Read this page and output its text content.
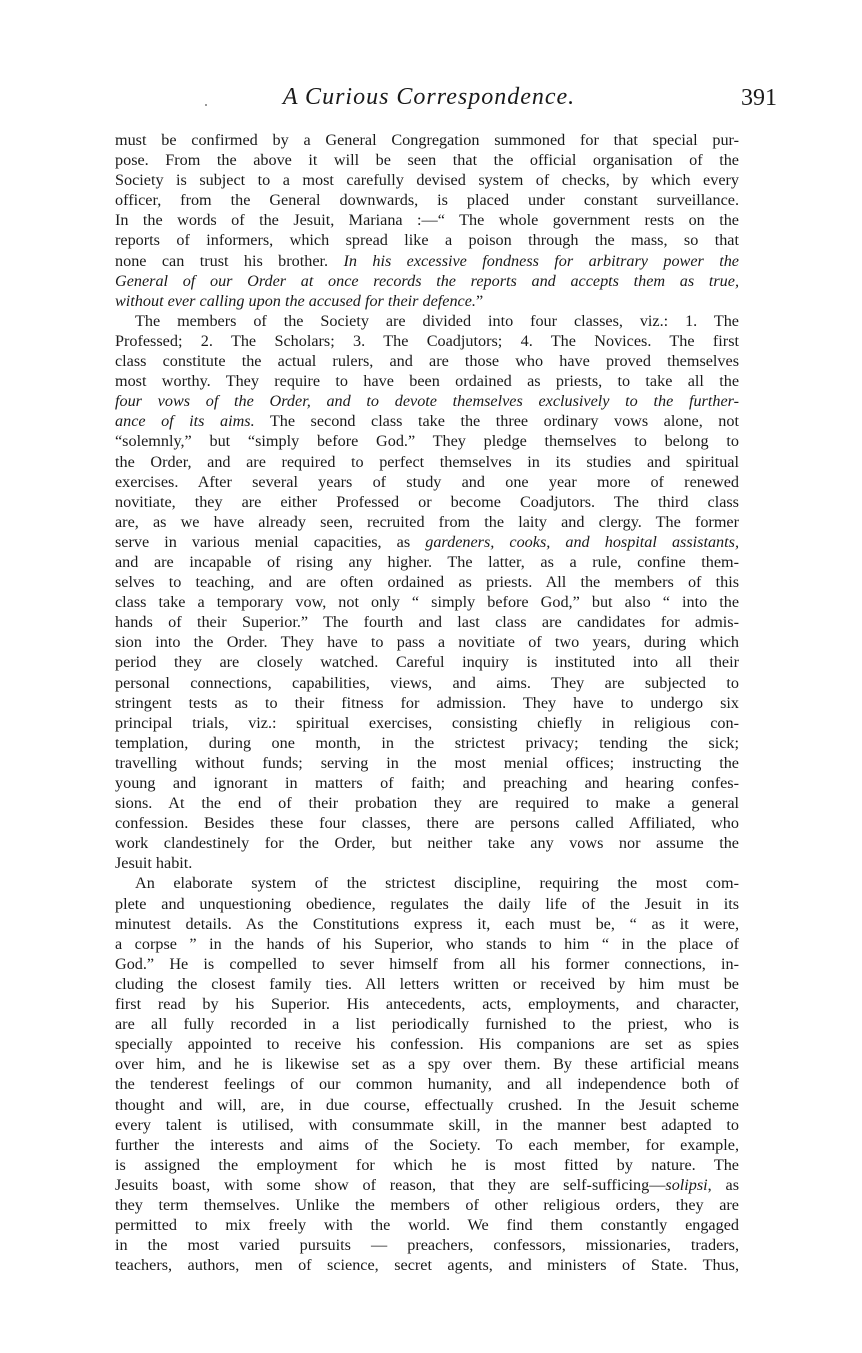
A Curious Correspondence.	391
must be confirmed by a General Congregation summoned for that special pur-
pose. From the above it will be seen that the official organisation of the
Society is subject to a most carefully devised system of checks, by which every
officer, from the General downwards, is placed under constant surveillance.
In the words of the Jesuit, Mariana :—“ The whole government rests on the
reports of informers, which spread like a poison through the mass, so that
none can trust his brother. In his excessive fondness for arbitrary power the
General of our Order at once records the reports and accepts them as true,
without ever calling upon the accused for their defence.”
The members of the Society are divided into four classes, viz.: 1. The
Professed; 2. The Scholars; 3. The Coadjutors; 4. The Novices. The first
class constitute the actual rulers, and are those who have proved themselves
most worthy. They require to have been ordained as priests, to take all the
four vows of the Order, and to devote themselves exclusively to the further-
ance of its aims. The second class take the three ordinary vows alone, not
“solemnly,” but “simply before God.” They pledge themselves to belong to
the Order, and are required to perfect themselves in its studies and spiritual
exercises. After several years of study and one year more of renewed
novitiate, they are either Professed or become Coadjutors. The third class
are, as we have already seen, recruited from the laity and clergy. The former
serve in various menial capacities, as gardeners, cooks, and hospital assistants,
and are incapable of rising any higher. The latter, as a rule, confine them-
selves to teaching, and are often ordained as priests. All the members of this
class take a temporary vow, not only “ simply before God,” but also “ into the
hands of their Superior.” The fourth and last class are candidates for admis-
sion into the Order. They have to pass a novitiate of two years, during which
period they are closely watched. Careful inquiry is instituted into all their
personal connections, capabilities, views, and aims. They are subjected to
stringent tests as to their fitness for admission. They have to undergo six
principal trials, viz.: spiritual exercises, consisting chiefly in religious con-
templation, during one month, in the strictest privacy; tending the sick;
travelling without funds; serving in the most menial offices; instructing the
young and ignorant in matters of faith; and preaching and hearing confes-
sions. At the end of their probation they are required to make a general
confession. Besides these four classes, there are persons called Affiliated, who
work clandestinely for the Order, but neither take any vows nor assume the
Jesuit habit.
An elaborate system of the strictest discipline, requiring the most com-
plete and unquestioning obedience, regulates the daily life of the Jesuit in its
minutest details. As the Constitutions express it, each must be, “ as it were,
a corpse ” in the hands of his Superior, who stands to him “ in the place of
God.” He is compelled to sever himself from all his former connections, in-
cluding the closest family ties. All letters written or received by him must be
first read by his Superior. His antecedents, acts, employments, and character,
are all fully recorded in a list periodically furnished to the priest, who is
specially appointed to receive his confession. His companions are set as spies
over him, and he is likewise set as a spy over them. By these artificial means
the tenderest feelings of our common humanity, and all independence both of
thought and will, are, in due course, effectually crushed. In the Jesuit scheme
every talent is utilised, with consummate skill, in the manner best adapted to
further the interests and aims of the Society. To each member, for example,
is assigned the employment for which he is most fitted by nature. The
Jesuits boast, with some show of reason, that they are self-sufficing—solipsi, as
they term themselves. Unlike the members of other religious orders, they are
permitted to mix freely with the world. We find them constantly engaged
in the most varied pursuits — preachers, confessors, missionaries, traders,
teachers, authors, men of science, secret agents, and ministers of State. Thus,
